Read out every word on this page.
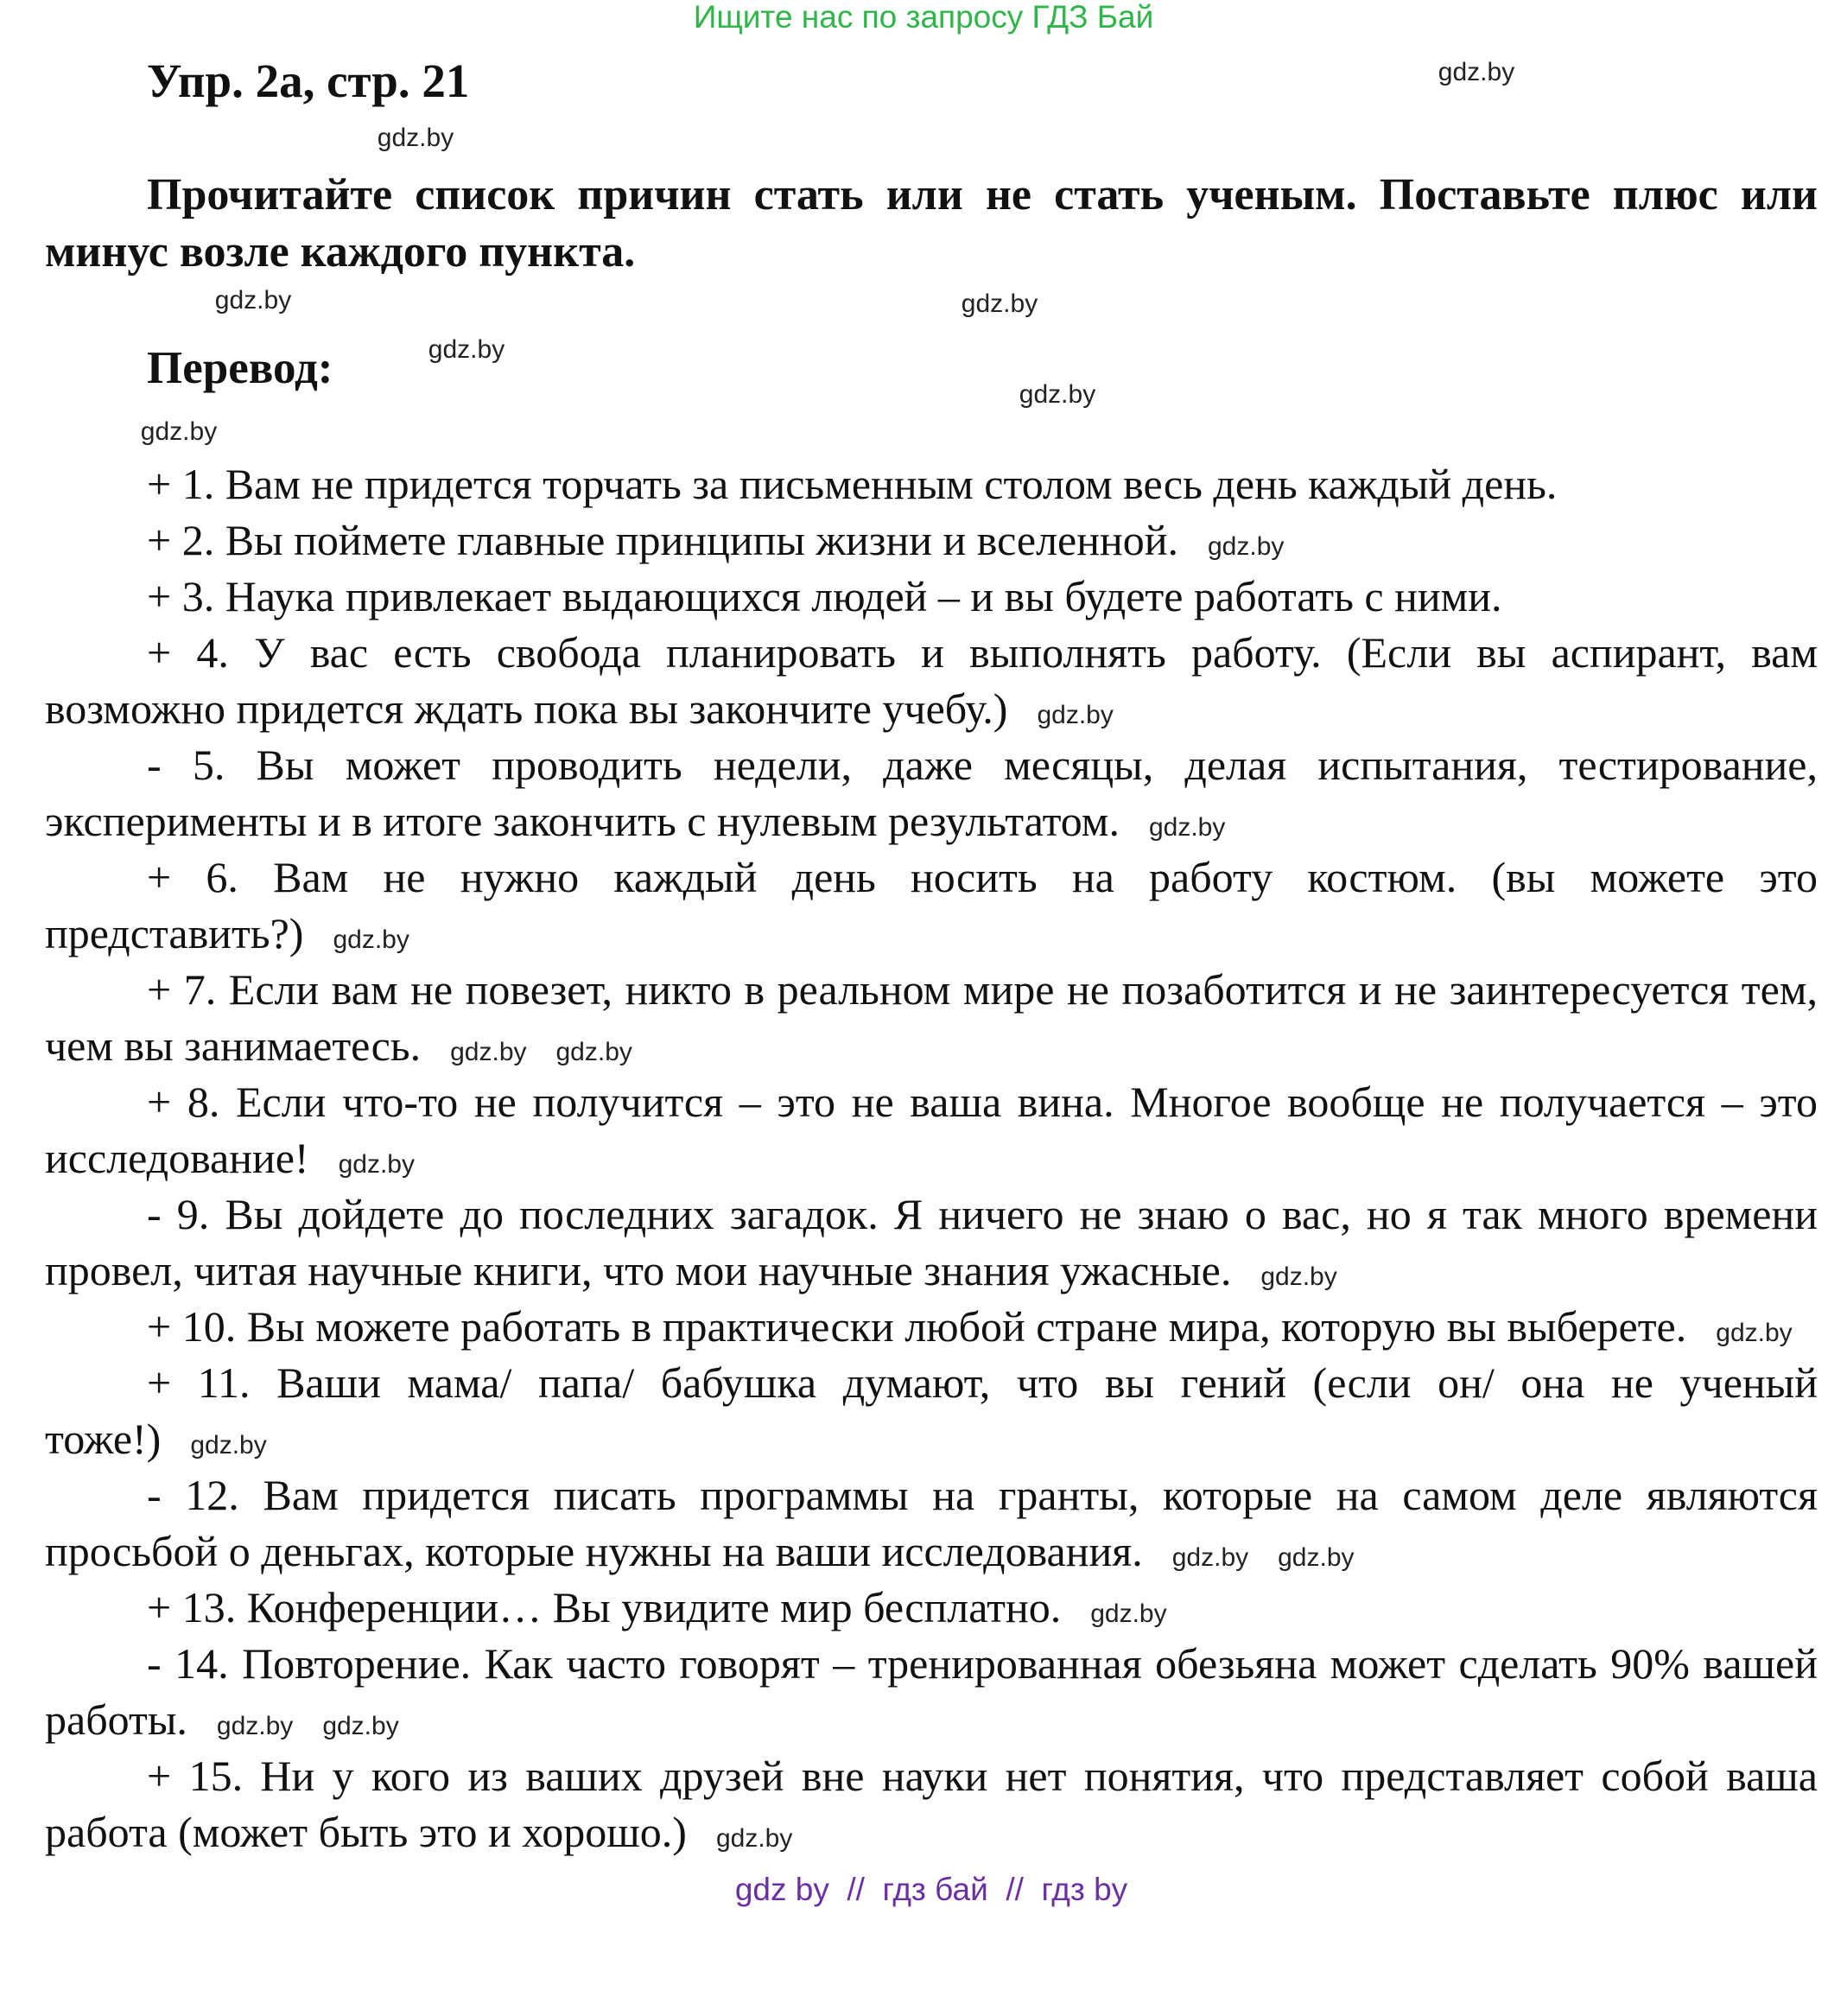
Ищите нас по запросу ГДЗ Бай
Упр. 2а, стр. 21
Прочитайте список причин стать или не стать ученым. Поставьте плюс или минус возле каждого пункта.
Перевод:
gdz.by
gdz.by
gdz.by
gdz.by
gdz.by
gdz.by
gdz.by

+ 1. Вам не придется торчать за письменным столом весь день каждый день.

+ 2. Вы поймете главные принципы жизни и вселенной. gdz.by

+ 3. Наука привлекает выдающихся людей – и вы будете работать с ними.

+ 4. У вас есть свобода планировать и выполнять работу. (Если вы аспирант, вам возможно придется ждать пока вы закончите учебу.) gdz.by

- 5. Вы может проводить недели, даже месяцы, делая испытания, тестирование, эксперименты и в итоге закончить с нулевым результатом. gdz.by

+ 6. Вам не нужно каждый день носить на работу костюм. (вы можете это представить?) gdz.by

+ 7. Если вам не повезет, никто в реальном мире не позаботится и не заинтересуется тем, чем вы занимаетесь. gdz.by gdz.by

+ 8. Если что-то не получится – это не ваша вина. Многое вообще не получается – это исследование! gdz.by

- 9. Вы дойдете до последних загадок. Я ничего не знаю о вас, но я так много времени провел, читая научные книги, что мои научные знания ужасные. gdz.by

+ 10. Вы можете работать в практически любой стране мира, которую вы выберете. gdz.by

+ 11. Ваши мама/ папа/ бабушка думают, что вы гений (если он/ она не ученый тоже!) gdz.by

- 12. Вам придется писать программы на гранты, которые на самом деле являются просьбой о деньгах, которые нужны на ваши исследования. gdz.by gdz.by

+ 13. Конференции… Вы увидите мир бесплатно. gdz.by

- 14. Повторение. Как часто говорят – тренированная обезьяна может сделать 90% вашей работы. gdz.by gdz.by

+ 15. Ни у кого из ваших друзей вне науки нет понятия, что представляет собой ваша работа (может быть это и хорошо.) gdz.by

gdz by  //  гдз бай  //  гдз by
